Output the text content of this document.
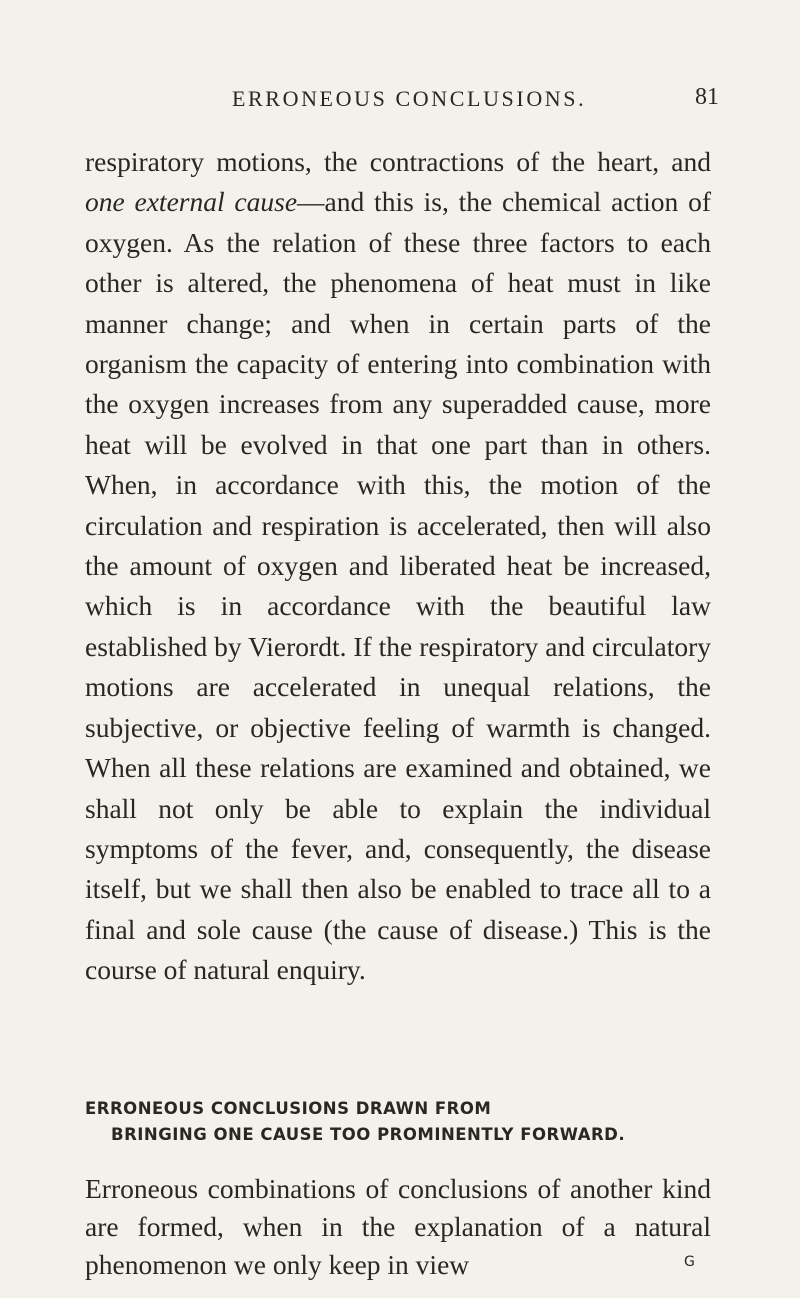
ERRONEOUS CONCLUSIONS.	81

respiratory motions, the contractions of the heart, and one external cause—and this is, the chemical action of oxygen. As the relation of these three factors to each other is altered, the phenomena of heat must in like manner change; and when in certain parts of the organism the capacity of entering into combination with the oxygen increases from any superadded cause, more heat will be evolved in that one part than in others. When, in accordance with this, the motion of the circulation and respiration is accelerated, then will also the amount of oxygen and liberated heat be increased, which is in accordance with the beautiful law established by Vierordt. If the respiratory and circulatory motions are accelerated in unequal relations, the subjective, or objective feeling of warmth is changed. When all these relations are examined and obtained, we shall not only be able to explain the individual symptoms of the fever, and, consequently, the disease itself, but we shall then also be enabled to trace all to a final and sole cause (the cause of disease.) This is the course of natural enquiry.

ERRONEOUS CONCLUSIONS DRAWN FROM
BRINGING ONE CAUSE TOO PROMINENTLY FORWARD.

Erroneous combinations of conclusions of another kind are formed, when in the explanation of a natural phenomenon we only keep in view	G
